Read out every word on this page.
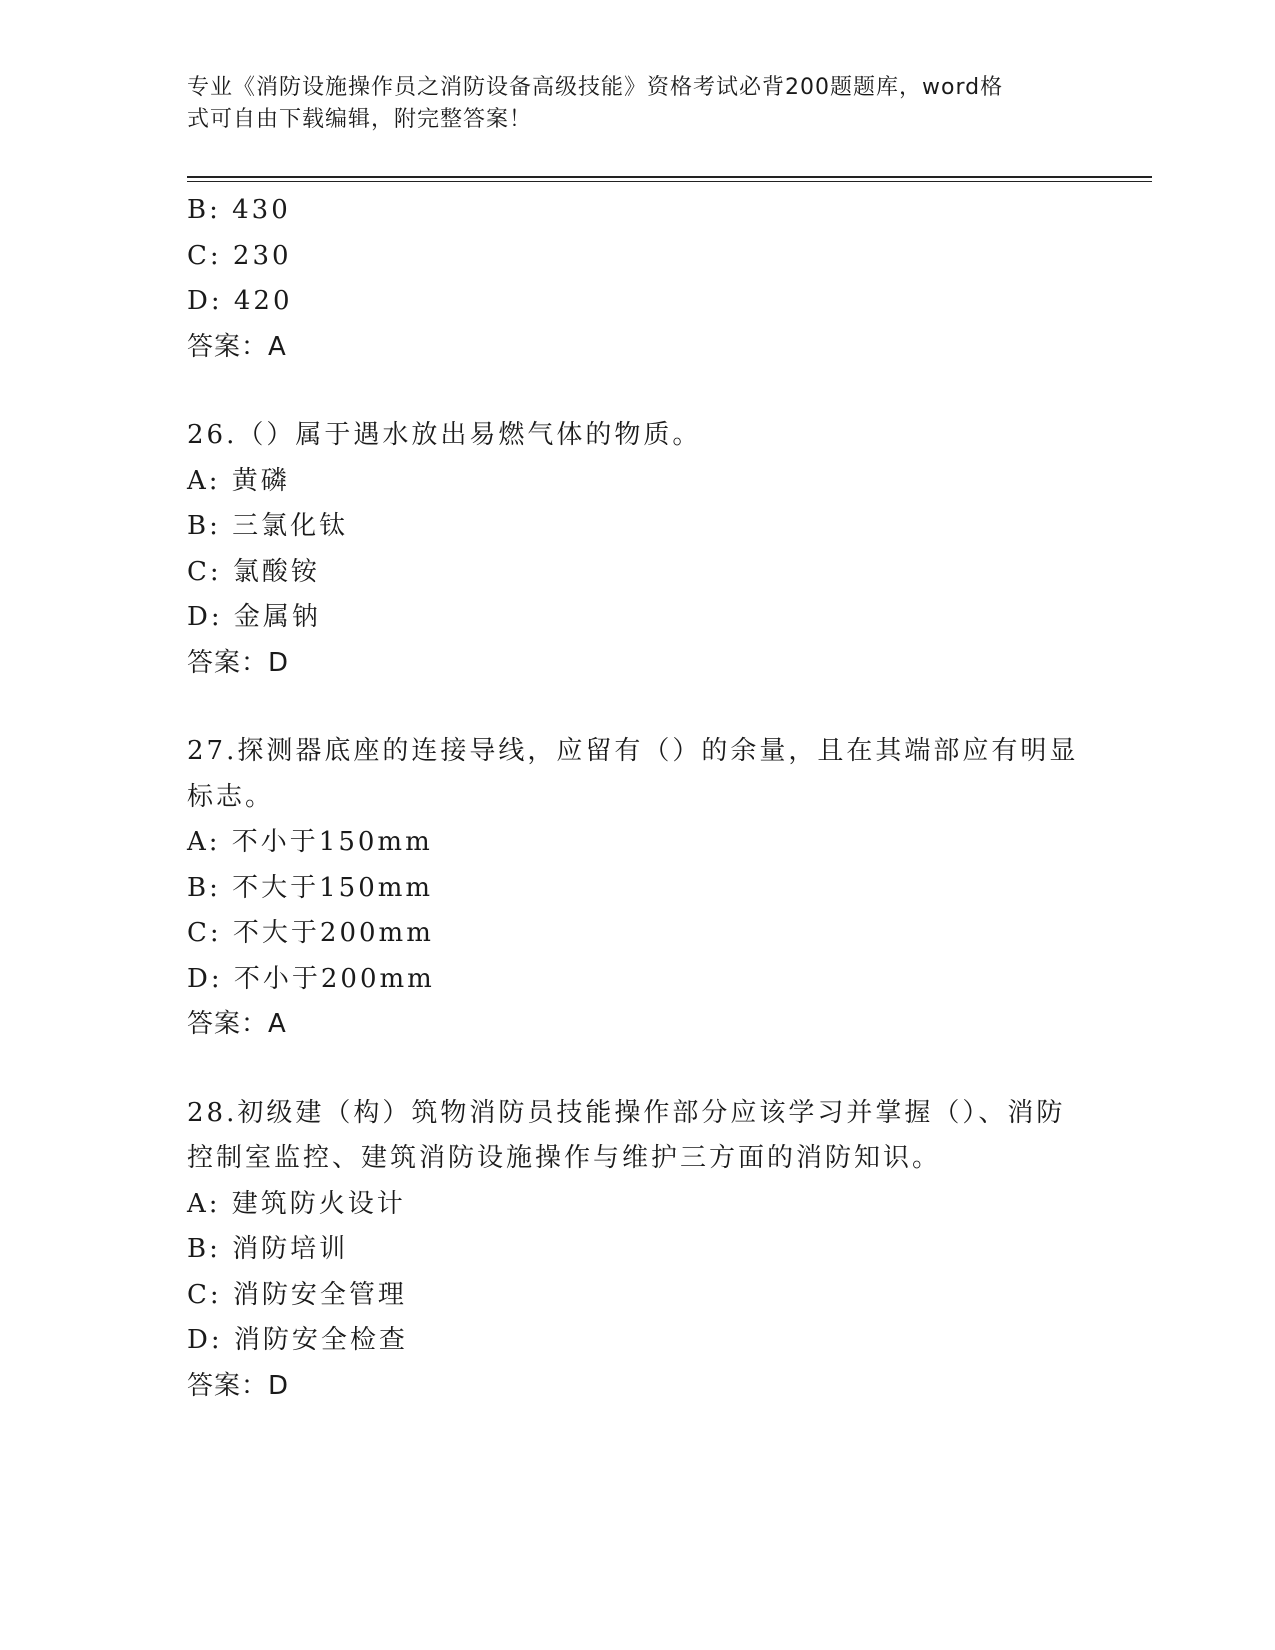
专业《消防设施操作员之消防设备高级技能》资格考试必背200题题库，word格
式可自由下载编辑，附完整答案！
B: 430
C: 230
D: 420
答案：A
26.（）属于遇水放出易燃气体的物质。
A: 黄磷
B: 三氯化钛
C: 氯酸铵
D: 金属钠
答案：D
27.探测器底座的连接导线，应留有（）的余量，且在其端部应有明显
标志。
A: 不小于150mm
B: 不大于150mm
C: 不大于200mm
D: 不小于200mm
答案：A
28.初级建（构）筑物消防员技能操作部分应该学习并掌握（）、消防
控制室监控、建筑消防设施操作与维护三方面的消防知识。
A: 建筑防火设计
B: 消防培训
C: 消防安全管理
D: 消防安全检查
答案：D
